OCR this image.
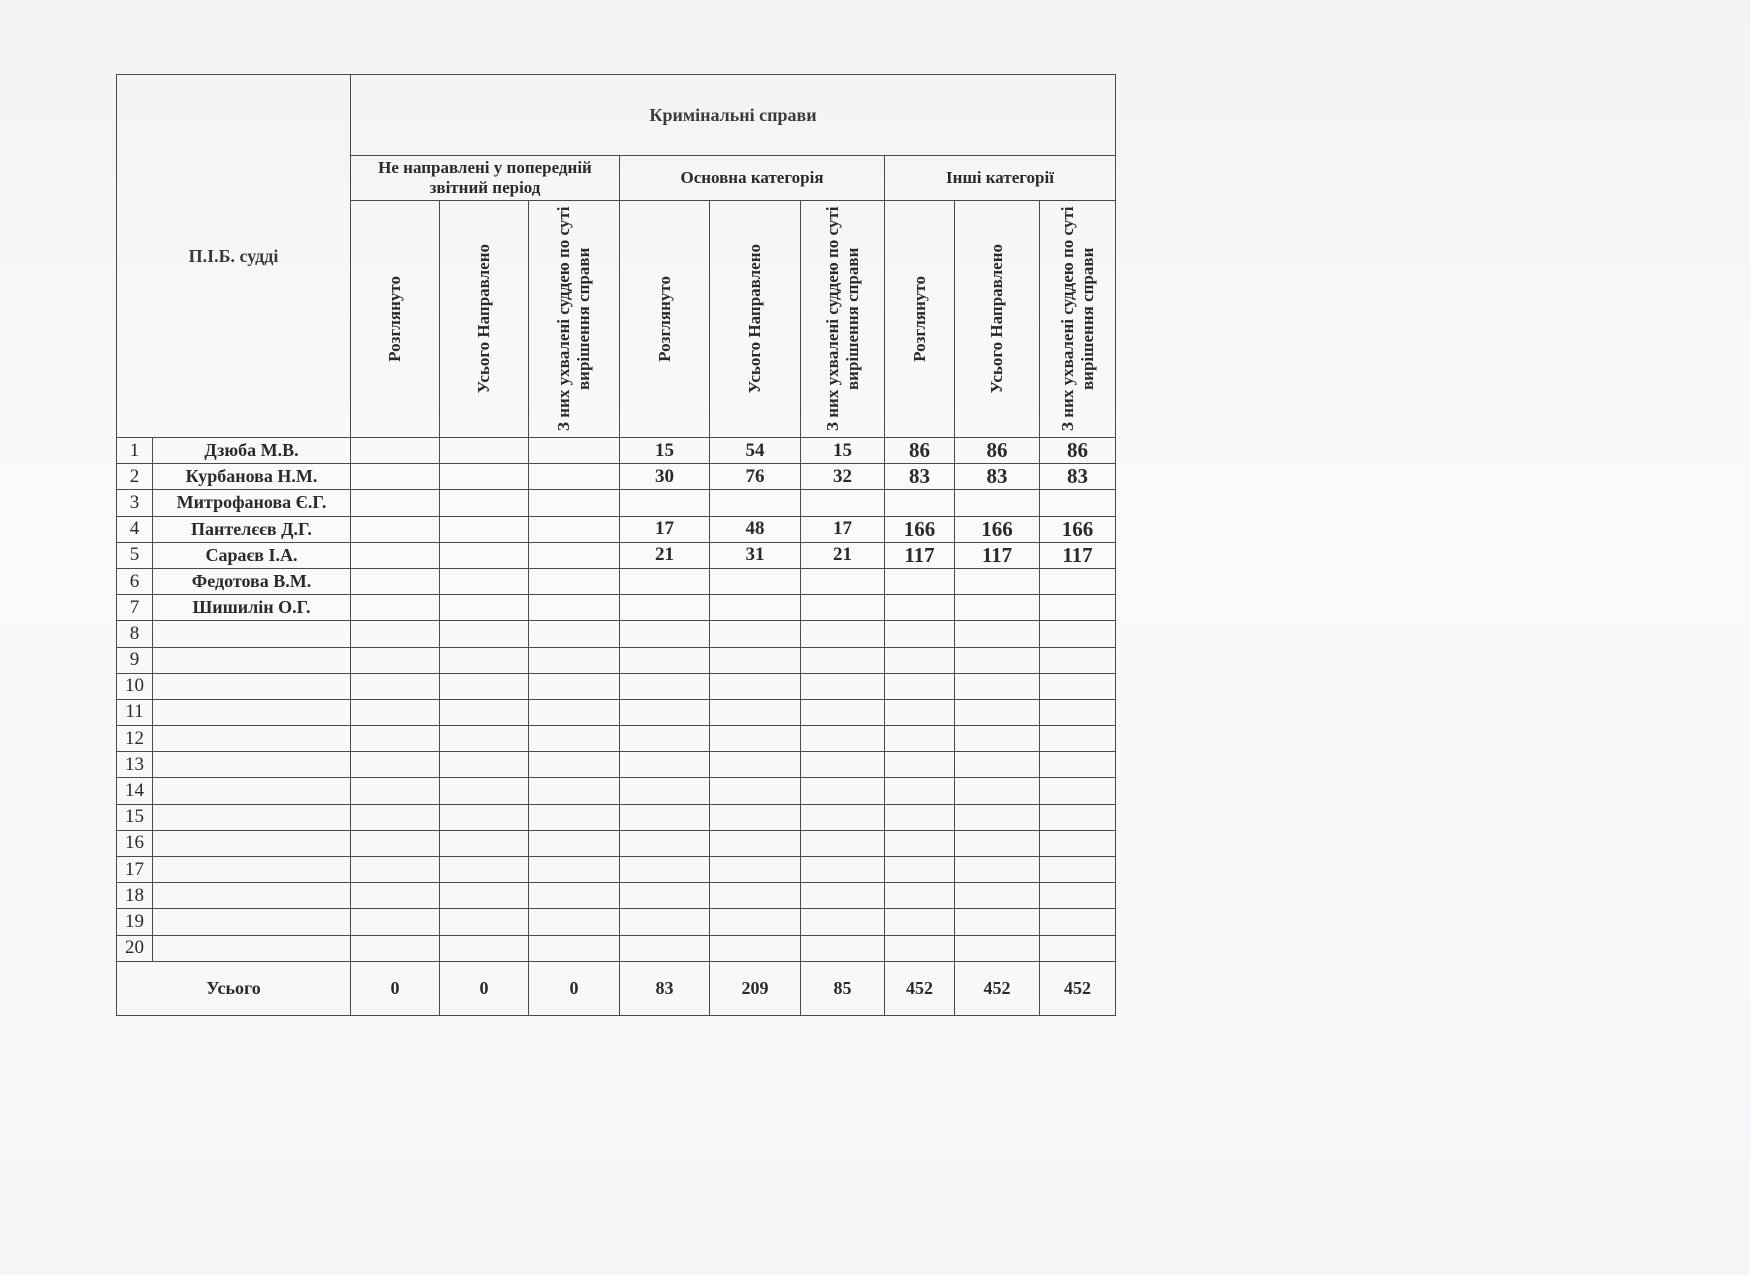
П.І.Б. судді		Кримінальні справи								
		Не направлені у попередній звітний період			Основна категорія			Інші категорії		

		Розглянуто	Усього Направлено	З них ухвалені суддею по суті вирішення справи	Розглянуто	Усього Направлено	З них ухвалені суддею по суті вирішення справи	Розглянуто	Усього Направлено	З них ухвалені суддею по суті вирішення справи

1	Дзюба М.В.				15	54	15	86	86	86
2	Курбанова Н.М.				30	76	32	83	83	83
3	Митрофанова Є.Г.									
4	Пантелєєв Д.Г.				17	48	17	166	166	166
5	Сараєв І.А.				21	31	21	117	117	117
6	Федотова В.М.									
7	Шишилін О.Г.									
8										
9										
10										
11										
12										
13										
14										
15										
16										
17										
18										
19										
20										
Усього		0	0	0	83	209	85	452	452	452
